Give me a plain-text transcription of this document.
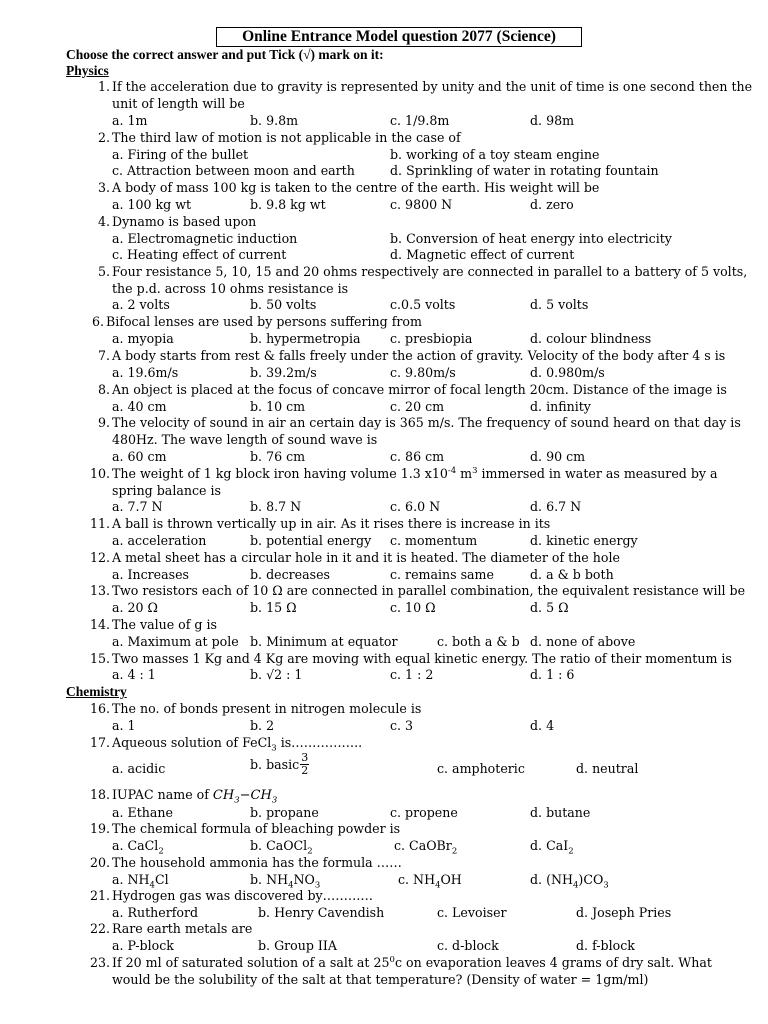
Online Entrance Model question 2077 (Science)
Choose the correct answer and put Tick (√) mark on it:
Physics
1. If the acceleration due to gravity is represented by unity and the unit of time is one second then the
unit of length will be
a. 1m	b. 9.8m	c. 1/9.8m	d. 98m
2. The third law of motion is not applicable in the case of
a. Firing of the bullet	b. working of a toy steam engine
c. Attraction between moon and earth	d. Sprinkling of water in rotating fountain
3. A body of mass 100 kg is taken to the centre of the earth. His weight will be
a. 100 kg wt	b. 9.8 kg wt	c. 9800 N	d. zero
4. Dynamo is based upon
a. Electromagnetic induction	b. Conversion of heat energy into electricity
c. Heating effect of current	d. Magnetic effect of current
5. Four resistance 5, 10, 15 and 20 ohms respectively are connected in parallel to a battery of 5 volts,
the p.d. across 10 ohms resistance is
a. 2 volts	b. 50 volts	c.0.5 volts	d. 5 volts
6. Bifocal lenses are used by persons suffering from
a. myopia	b. hypermetropia c. presbiopia	d. colour blindness
7. A body starts from rest & falls freely under the action of gravity. Velocity of the body after 4 s is
a. 19.6m/s	b. 39.2m/s	c. 9.80m/s	d. 0.980m/s
8. An object is placed at the focus of concave mirror of focal length 20cm. Distance of the image is
a. 40 cm	b. 10 cm	c. 20 cm	d. infinity
9. The velocity of sound in air an certain day is 365 m/s. The frequency of sound heard on that day is
480Hz. The wave length of sound wave is
a. 60 cm	b. 76 cm	c. 86 cm	d. 90 cm
10. The weight of 1 kg block iron having volume 1.3 $x10^{-4}$ $m^3$ immersed in water as measured by a
spring balance is
a. 7.7 N	b. 8.7 N	c. 6.0 N	d. 6.7 N
11. A ball is thrown vertically up in air. As it rises there is increase in its
a. acceleration	b. potential energy c. momentum	d. kinetic energy
12. A metal sheet has a circular hole in it and it is heated. The diameter of the hole
a. Increases	b. decreases	c. remains same	d. a & b both
13. Two resistors each of 10 Ω are connected in parallel combination, the equivalent resistance will be
a. 20 Ω	b. 15 Ω	c. 10 Ω	d. 5 Ω
14. The value of g is
a. Maximum at pole b. Minimum at equator	c. both a & b d. none of above
15. Two masses 1 Kg and 4 Kg are moving with equal kinetic energy. The ratio of their momentum is
a. 4 : 1	b. √2 : 1	c. 1 : 2	d. 1 : 6
Chemistry
16. The no. of bonds present in nitrogen molecule is
a. 1	b. 2	c. 3	d. 4
17. Aqueous solution of FeCl$_3$ is……………..
a. acidic	b. basic $\frac{3}{2}$	c. amphoteric	d. neutral
18. IUPAC name of $CH_3-CH_3$
a. Ethane	b. propane	c. propene	d. butane
19. The chemical formula of bleaching powder is
a. CaCl$_2$	b. CaOCl$_2$	c. CaOBr$_2$	d. CaI$_2$
20. The household ammonia has the formula ……
a. $NH_4Cl$	b. $NH_4NO_3$	c. $NH_4OH$	d. $(NH_4)CO_3$
21. Hydrogen gas was discovered by…………
a. Rutherford	b. Henry Cavendish	c. Levoiser	d. Joseph Pries
22. Rare earth metals are
a. P-block	b. Group IIA	c. d-block	d. f-block
23. If 20 ml of saturated solution of a salt at $25^0c$ on evaporation leaves 4 grams of dry salt. What
would be the solubility of the salt at that temperature? (Density of water = 1gm/ml)
